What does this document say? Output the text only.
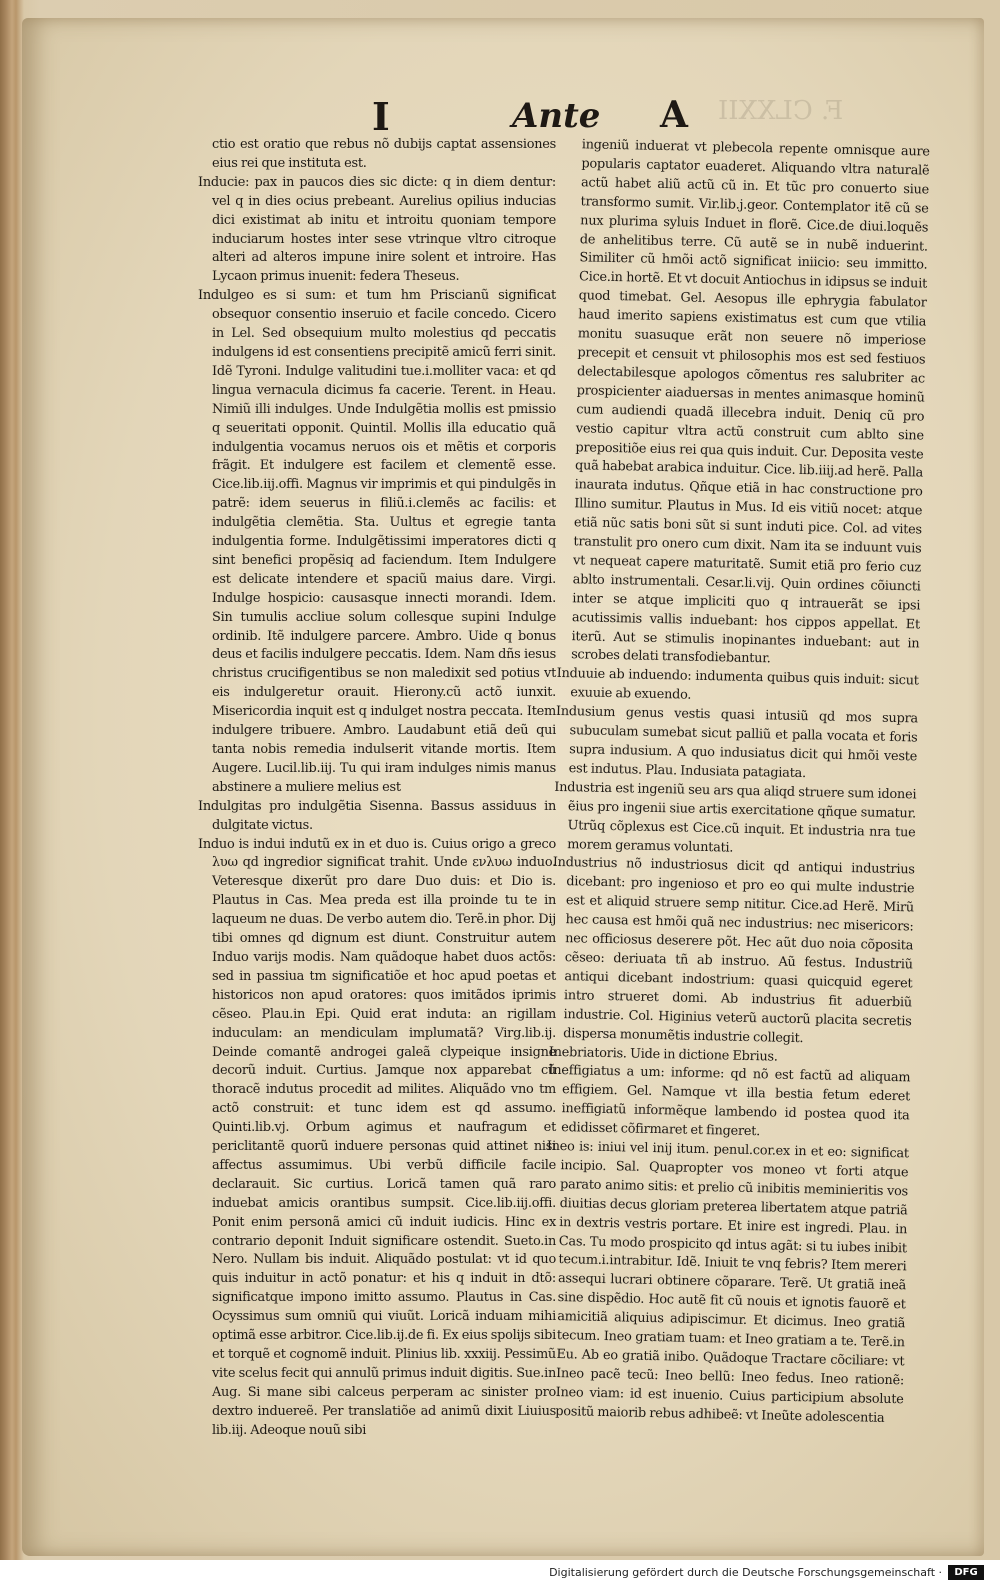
F. CLXXII
I	Ante A

ctio est oratio que rebus nõ dubijs captat assensiones eius rei que instituta est.

Inducie: pax in paucos dies sic dicte: q in diem dentur: vel q in dies ocius prebeant. Aurelius opilius inducias dici existimat ab initu et introitu quoniam tempore induciarum hostes inter sese vtrinque vltro citroque alteri ad alteros impune inire solent et introire. Has Lycaon primus inuenit: federa Theseus.

Indulgeo es si sum: et tum hm Priscianũ significat obsequor consentio inseruio et facile concedo. Cicero in Lel. Sed obsequium multo molestius qd peccatis indulgens id est consentiens precipitẽ amicũ ferri sinit. Idẽ Tyroni. Indulge valitudini tue.i.molliter vaca: et qd lingua vernacula dicimus fa cacerie. Terent. in Heau. Nimiũ illi indulges. Unde Indulgẽtia mollis est pmissio q seueritati opponit. Quintil. Mollis illa educatio quã indulgentia vocamus neruos ois et mẽtis et corporis frãgit. Et indulgere est facilem et clementẽ esse. Cice.lib.iij.offi. Magnus vir imprimis et qui pindulgẽs in patrẽ: idem seuerus in filiũ.i.clemẽs ac facilis: et indulgẽtia clemẽtia. Sta. Uultus et egregie tanta indulgentia forme. Indulgẽtissimi imperatores dicti q sint benefici propẽsiq ad faciendum. Item Indulgere est delicate intendere et spaciũ maius dare. Virgi. Indulge hospicio: causasque innecti morandi. Idem. Sin tumulis accliue solum collesque supini Indulge ordinib. Itẽ indulgere parcere. Ambro. Uide q bonus deus et facilis indulgere peccatis. Idem. Nam dñs iesus christus crucifigentibus se non maledixit sed potius vt eis indulgeretur orauit. Hierony.cũ actõ iunxit. Misericordia inquit est q indulget nostra peccata. Item indulgere tribuere. Ambro. Laudabunt etiã deũ qui tanta nobis remedia indulserit vitande mortis. Item Augere. Lucil.lib.iij. Tu qui iram indulges nimis manus abstinere a muliere melius est

Indulgitas pro indulgẽtia Sisenna. Bassus assiduus in dulgitate victus.

Induo is indui indutũ ex in et duo is. Cuius origo a greco λυω qd ingredior significat trahit. Unde ενλυω induo. Veteresque dixerũt pro dare Duo duis: et Dio is. Plautus in Cas. Mea preda est illa proinde tu te in laqueum ne duas. De verbo autem dio. Terẽ.in phor. Dij tibi omnes qd dignum est diunt. Construitur autem Induo varijs modis. Nam quãdoque habet duos actõs: sed in passiua tm significatiõe et hoc apud poetas et historicos non apud oratores: quos imitãdos iprimis cẽseo. Plau.in Epi. Quid erat induta: an rigillam induculam: an mendiculam implumatã? Virg.lib.ij. Deinde comantẽ androgei galeã clypeique insigne decorũ induit. Curtius. Jamque nox apparebat cũ thoracẽ indutus procedit ad milites. Aliquãdo vno tm actõ construit: et tunc idem est qd assumo. Quinti.lib.vj. Orbum agimus et naufragum et periclitantẽ quorũ induere personas quid attinet nisi affectus assumimus. Ubi verbũ difficile facile declarauit. Sic curtius. Loricã tamen quã raro induebat amicis orantibus sumpsit. Cice.lib.iij.offi. Ponit enim personã amici cũ induit iudicis. Hinc ex contrario deponit Induit significare ostendit. Sueto.in Nero. Nullam bis induit. Aliquãdo postulat: vt id quo quis induitur in actõ ponatur: et his q induit in dtõ: significatque impono imitto assumo. Plautus in Cas. Ocyssimus sum omniũ qui viuũt. Loricã induam mihi optimã esse arbitror. Cice.lib.ij.de fi. Ex eius spolijs sibi et torquẽ et cognomẽ induit. Plinius lib. xxxiij. Pessimũ vite scelus fecit qui annulũ primus induit digitis. Sue.in Aug. Si mane sibi calceus perperam ac sinister pro dextro induereẽ. Per translatiõe ad animũ dixit Liuius lib.iij. Adeoque nouũ sibi

ingeniũ induerat vt plebecola repente omnisque aure popularis captator euaderet. Aliquando vltra naturalẽ actũ habet aliũ actũ cũ in. Et tũc pro conuerto siue transformo sumit. Vir.lib.j.geor. Contemplator itẽ cũ se nux plurima syluis Induet in florẽ. Cice.de diui.loquẽs de anhelitibus terre. Cũ autẽ se in nubẽ induerint. Similiter cũ hmõi actõ significat iniicio: seu immitto. Cice.in hortẽ. Et vt docuit Antiochus in idipsus se induit quod timebat. Gel. Aesopus ille ephrygia fabulator haud imerito sapiens existimatus est cum que vtilia monitu suasuque erãt non seuere nõ imperiose precepit et censuit vt philosophis mos est sed festiuos delectabilesque apologos cõmentus res salubriter ac prospicienter aiaduersas in mentes animasque hominũ cum audiendi quadã illecebra induit. Deniq cũ pro vestio capitur vltra actũ construit cum ablto sine prepositiõe eius rei qua quis induit. Cur. Deposita veste quã habebat arabica induitur. Cice. lib.iiij.ad herẽ. Palla inaurata indutus. Qñque etiã in hac constructione pro Illino sumitur. Plautus in Mus. Id eis vitiũ nocet: atque etiã nũc satis boni sũt si sunt induti pice. Col. ad vites transtulit pro onero cum dixit. Nam ita se induunt vuis vt nequeat capere maturitatẽ. Sumit etiã pro ferio cuz ablto instrumentali. Cesar.li.vij. Quin ordines cõiuncti inter se atque impliciti quo q intrauerãt se ipsi acutissimis vallis induebant: hos cippos appellat. Et iterũ. Aut se stimulis inopinantes induebant: aut in scrobes delati transfodiebantur.

Induuie ab induendo: indumenta quibus quis induit: sicut exuuie ab exuendo.

Indusium genus vestis quasi intusiũ qd mos supra subuculam sumebat sicut palliũ et palla vocata et foris supra indusium. A quo indusiatus dicit qui hmõi veste est indutus. Plau. Indusiata patagiata.

Industria est ingeniũ seu ars qua aliqd struere sum idonei ẽius pro ingenii siue artis exercitatione qñque sumatur. Utrũq cõplexus est Cice.cũ inquit. Et industria nra tue morem geramus voluntati.

Industrius nõ industriosus dicit qd antiqui industrius dicebant: pro ingenioso et pro eo qui multe industrie est et aliquid struere semp nititur. Cice.ad Herẽ. Mirũ hec causa est hmõi quã nec industrius: nec misericors: nec officiosus deserere põt. Hec aũt duo noia cõposita cẽseo: deriuata tñ ab instruo. Aũ festus. Industriũ antiqui dicebant indostrium: quasi quicquid egeret intro strueret domi. Ab industrius fit aduerbiũ industrie. Col. Higinius veterũ auctorũ placita secretis dispersa monumẽtis industrie collegit.

Inebriatoris. Uide in dictione Ebrius.

Ineffigiatus a um: informe: qd nõ est factũ ad aliquam effigiem. Gel. Namque vt illa bestia fetum ederet ineffigiatũ informẽque lambendo id postea quod ita edidisset cõfirmaret et fingeret.

Ineo is: iniui vel inij itum. penul.cor.ex in et eo: significat incipio. Sal. Quapropter vos moneo vt forti atque parato animo sitis: et prelio cũ inibitis meminieritis vos diuitias decus gloriam preterea libertatem atque patriã in dextris vestris portare. Et inire est ingredi. Plau. in Cas. Tu modo prospicito qd intus agãt: si tu iubes inibit tecum.i.intrabitur. Idẽ. Iniuit te vnq febris? Item mereri assequi lucrari obtinere cõparare. Terẽ. Ut gratiã ineã sine dispẽdio. Hoc autẽ fit cũ nouis et ignotis fauorẽ et amicitiã aliquius adipiscimur. Et dicimus. Ineo gratiã tecum. Ineo gratiam tuam: et Ineo gratiam a te. Terẽ.in Eu. Ab eo gratiã inibo. Quãdoque Tractare cõciliare: vt Ineo pacẽ tecũ: Ineo bellũ: Ineo fedus. Ineo rationẽ: Ineo viam: id est inuenio. Cuius participium absolute positũ maiorib rebus adhibeẽ: vt Ineũte adolescentia

Digitalisierung gefördert durch die Deutsche Forschungsgemeinschaft ·	DFG
